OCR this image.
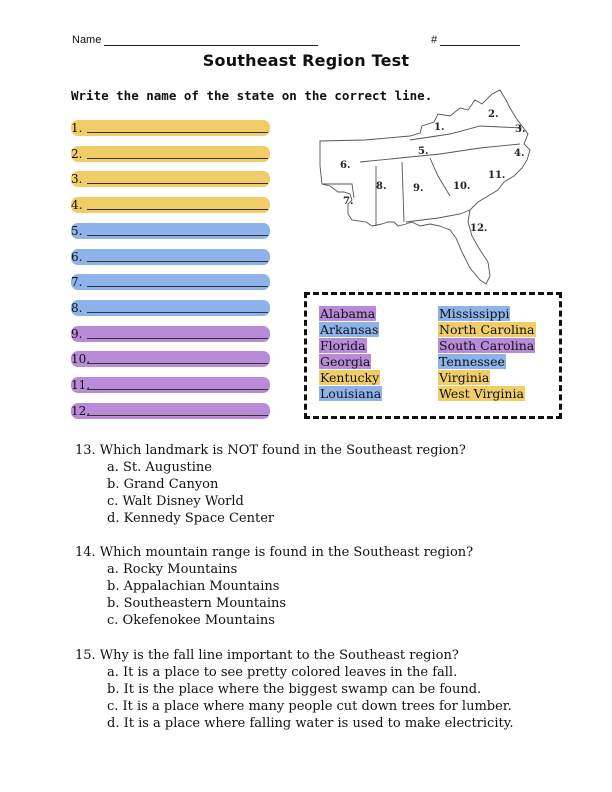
Name	#
Southeast Region Test
Write the name of the state on the correct line.
1.
2.
3.
4.
5.
6.
7.
8.
9.
10.
11.
12.
1.
2.
3.
4.
5.
6.
7.
8.	9.	10.
11.
12.
Alabama
Arkansas
Florida
Georgia
Kentucky
Louisiana
Mississippi
North Carolina
South Carolina
Tennessee
Virginia
West Virginia
13. Which landmark is NOT found in the Southeast region?
a. St. Augustine
b. Grand Canyon
c. Walt Disney World
d. Kennedy Space Center
14. Which mountain range is found in the Southeast region?
a. Rocky Mountains
b. Appalachian Mountains
b. Southeastern Mountains
c. Okefenokee Mountains
15. Why is the fall line important to the Southeast region?
a. It is a place to see pretty colored leaves in the fall.
b. It is the place where the biggest swamp can be found.
c. It is a place where many people cut down trees for lumber.
d. It is a place where falling water is used to make electricity.
